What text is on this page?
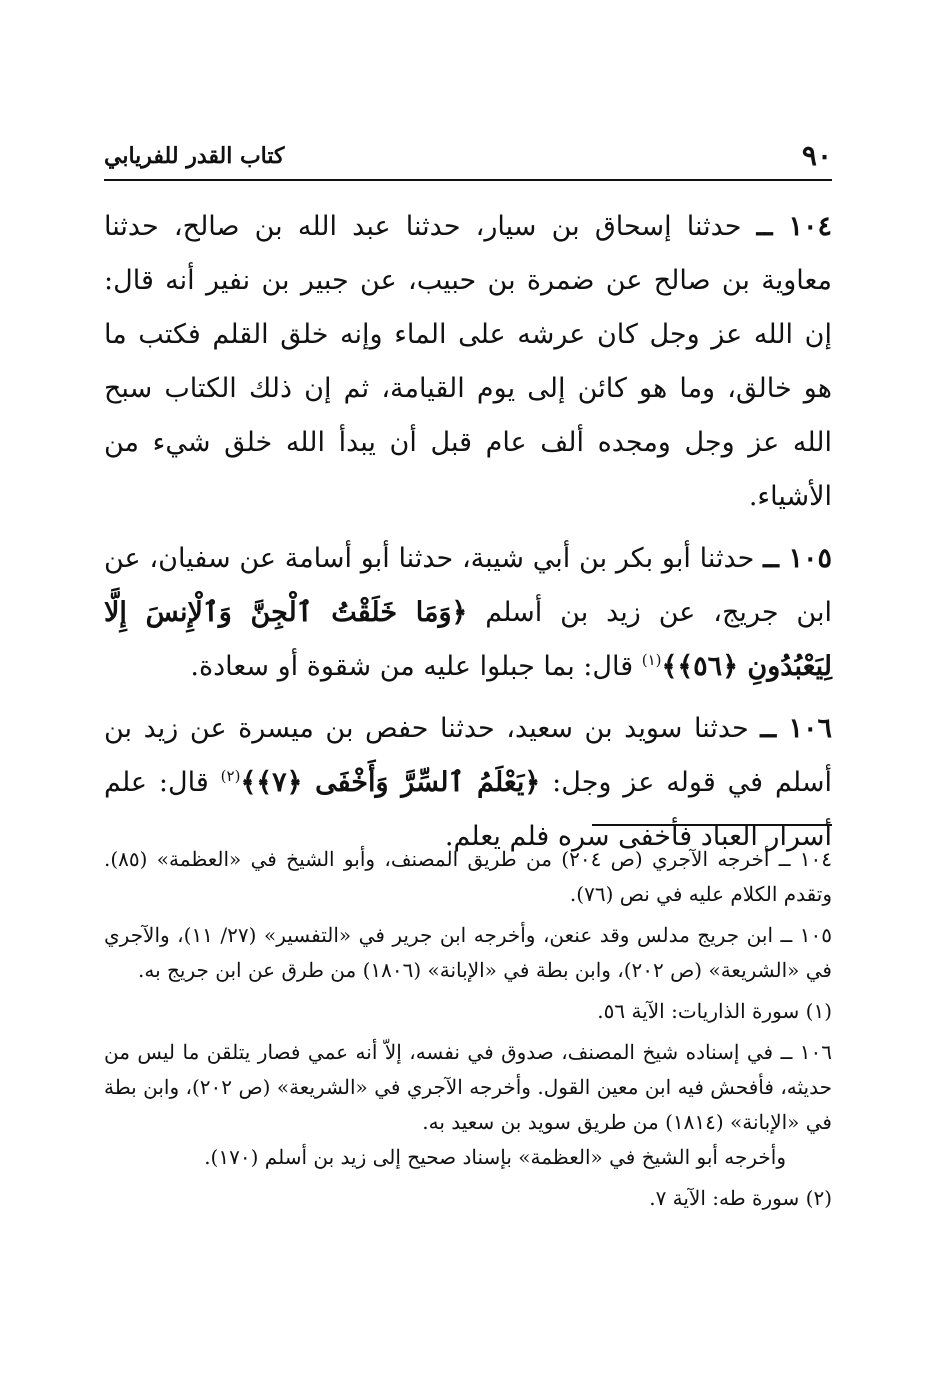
٩٠
كتاب القدر للفريابي

١٠٤ ــ حدثنا إسحاق بن سيار، حدثنا عبد الله بن صالح، حدثنا معاوية بن صالح عن ضمرة بن حبيب، عن جبير بن نفير أنه قال: إن الله عز وجل كان عرشه على الماء وإنه خلق القلم فكتب ما هو خالق، وما هو كائن إلى يوم القيامة، ثم إن ذلك الكتاب سبح الله عز وجل ومجده ألف عام قبل أن يبدأ الله خلق شيء من الأشياء.

١٠٥ ــ حدثنا أبو بكر بن أبي شيبة، حدثنا أبو أسامة عن سفيان، عن ابن جريج، عن زيد بن أسلم ﴿وَمَا خَلَقْتُ ٱلْجِنَّ وَٱلْإِنسَ إِلَّا لِيَعْبُدُونِ ﴿٥٦﴾﴾$^{(١)}$ قال: بما جبلوا عليه من شقوة أو سعادة.

١٠٦ ــ حدثنا سويد بن سعيد، حدثنا حفص بن ميسرة عن زيد بن أسلم في قوله عز وجل: ﴿يَعْلَمُ ٱلسِّرَّ وَأَخْفَى ﴿٧﴾﴾$^{(٢)}$ قال: علم أسرار العباد فأخفى سره فلم يعلم.

١٠٤ ــ أخرجه الآجري (ص ٢٠٤) من طريق المصنف، وأبو الشيخ في «العظمة» (٨٥). وتقدم الكلام عليه في نص (٧٦).

١٠٥ ــ ابن جريج مدلس وقد عنعن، وأخرجه ابن جرير في «التفسير» (٢٧/ ١١)، والآجري في «الشريعة» (ص ٢٠٢)، وابن بطة في «الإبانة» (١٨٠٦) من طرق عن ابن جريج به.

(١) سورة الذاريات: الآية ٥٦.

١٠٦ ــ في إسناده شيخ المصنف، صدوق في نفسه، إلاّ أنه عمي فصار يتلقن ما ليس من حديثه، فأفحش فيه ابن معين القول. وأخرجه الآجري في «الشريعة» (ص ٢٠٢)، وابن بطة في «الإبانة» (١٨١٤) من طريق سويد بن سعيد به.

وأخرجه أبو الشيخ في «العظمة» بإسناد صحيح إلى زيد بن أسلم (١٧٠).

(٢) سورة طه: الآية ٧.
